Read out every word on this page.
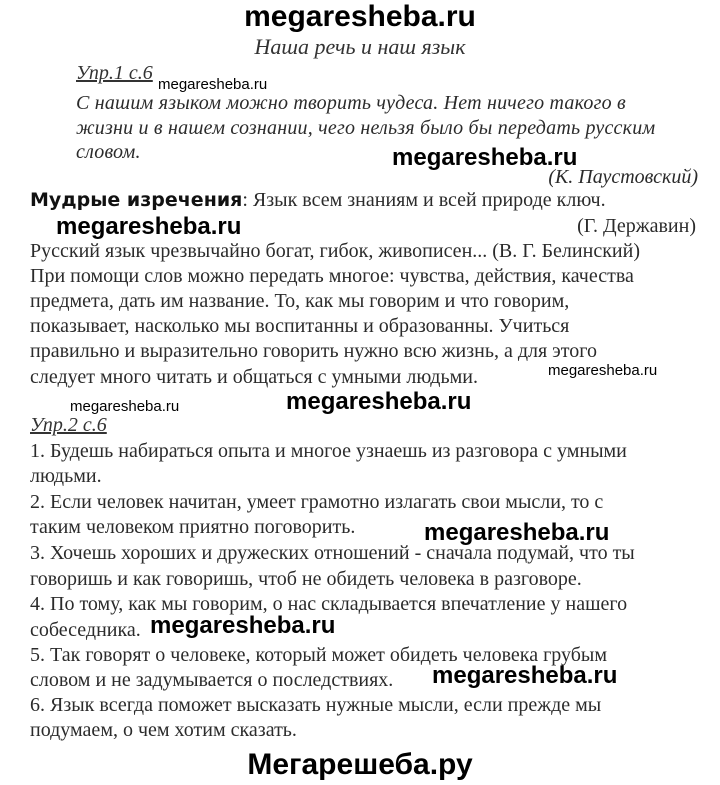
megaresheba.ru
Наша речь и наш язык
Упр.1 с.6
megaresheba.ru
С нашим языком можно творить чудеса. Нет ничего такого в
жизни и в нашем сознании, чего нельзя было бы передать русским
словом.	megaresheba.ru
(К. Паустовский)
Мудрые изречения: Язык всем знаниям и всей природе ключ.
megaresheba.ru	(Г. Державин)
Русский язык чрезвычайно богат, гибок, живописен... (В. Г. Белинский)
При помощи слов можно передать многое: чувства, действия, качества
предмета, дать им название. То, как мы говорим и что говорим,
показывает, насколько мы воспитанны и образованны. Учиться
правильно и выразительно говорить нужно всю жизнь, а для этого
следует много читать и общаться с умными людьми.	megaresheba.ru
megaresheba.ru	megaresheba.ru
Упр.2 с.6
1. Будешь набираться опыта и многое узнаешь из разговора с умными
людьми.
2. Если человек начитан, умеет грамотно излагать свои мысли, то с
таким человеком приятно поговорить.	megaresheba.ru
3. Хочешь хороших и дружеских отношений - сначала подумай, что ты
говоришь и как говоришь, чтоб не обидеть человека в разговоре.
4. По тому, как мы говорим, о нас складывается впечатление у нашего
собеседника. megaresheba.ru
5. Так говорят о человеке, который может обидеть человека грубым
словом и не задумывается о последствиях. megaresheba.ru
6. Язык всегда поможет высказать нужные мысли, если прежде мы
подумаем, о чем хотим сказать.
Мегарешеба.ру
